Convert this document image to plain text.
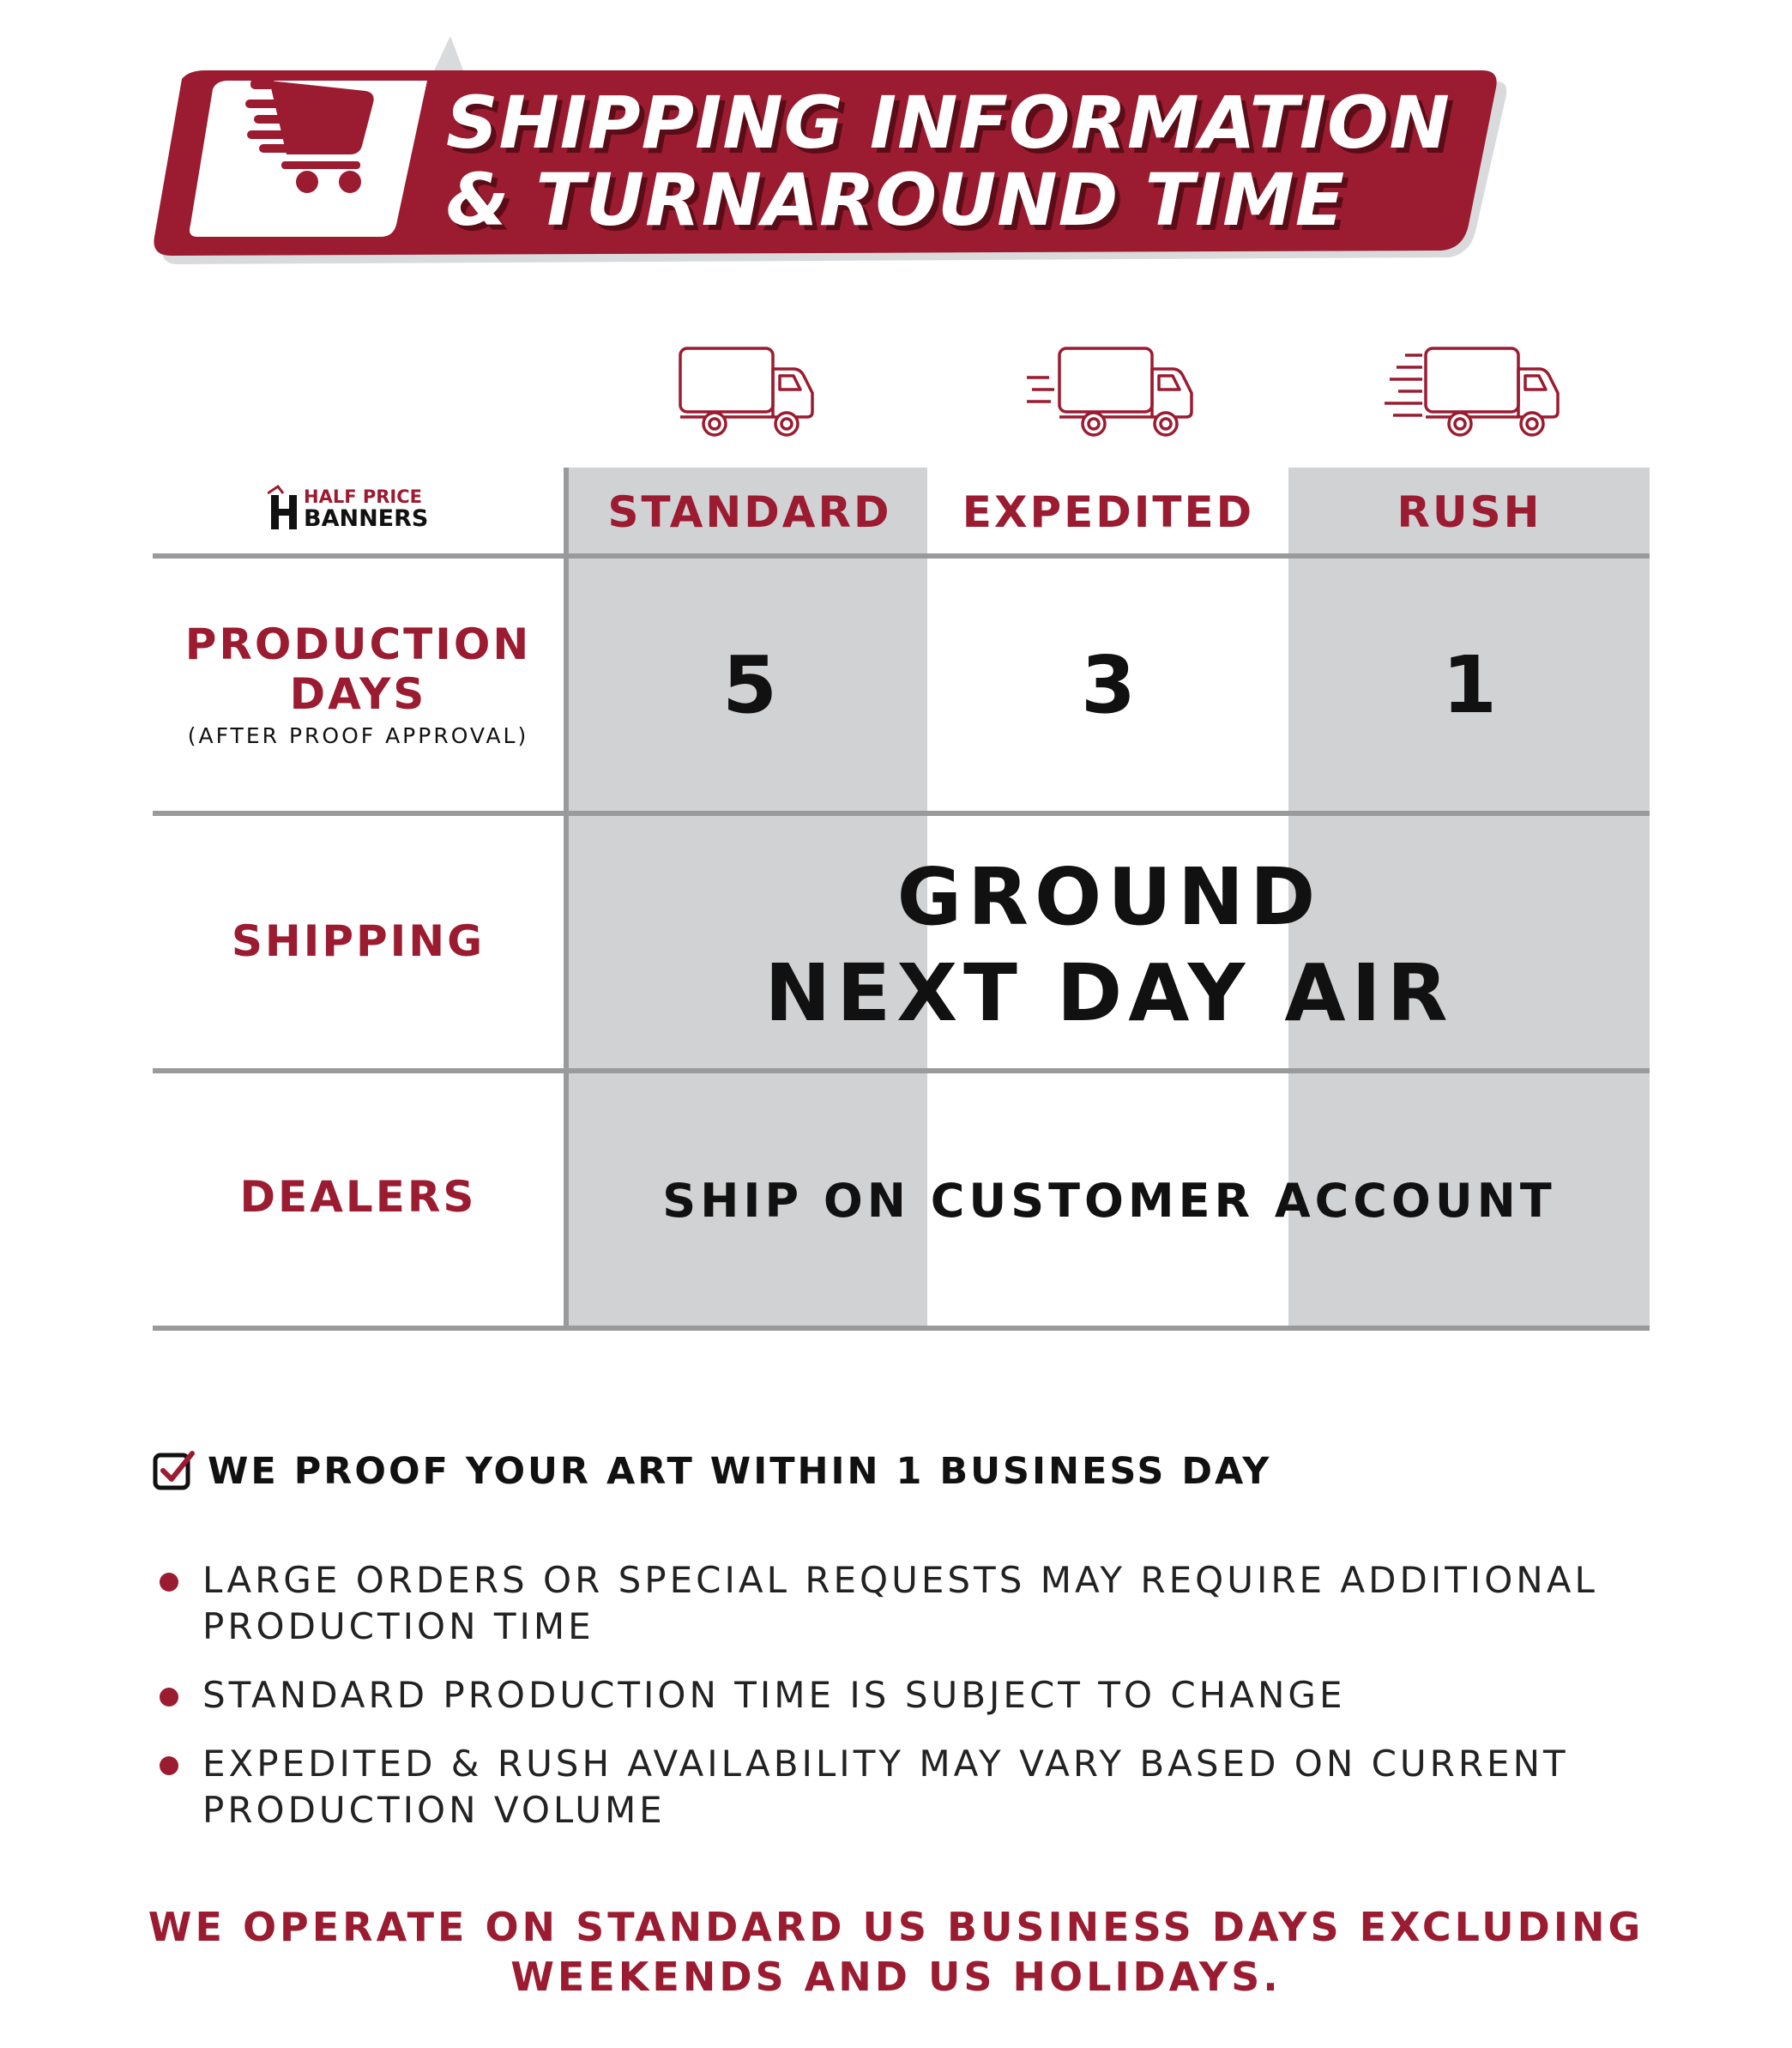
SHIPPING INFORMATION
& TURNAROUND TIME
HALF PRICE
BANNERS	STANDARD	EXPEDITED	RUSH
PRODUCTION
DAYS
(AFTER PROOF APPROVAL)
5	3	1
SHIPPING	GROUND
NEXT DAY AIR
DEALERS	SHIP ON CUSTOMER ACCOUNT
WE PROOF YOUR ART WITHIN 1 BUSINESS DAY
LARGE ORDERS OR SPECIAL REQUESTS MAY REQUIRE ADDITIONAL
PRODUCTION TIME
STANDARD PRODUCTION TIME IS SUBJECT TO CHANGE
EXPEDITED & RUSH AVAILABILITY MAY VARY BASED ON CURRENT
PRODUCTION VOLUME
WE OPERATE ON STANDARD US BUSINESS DAYS EXCLUDING
WEEKENDS AND US HOLIDAYS.
